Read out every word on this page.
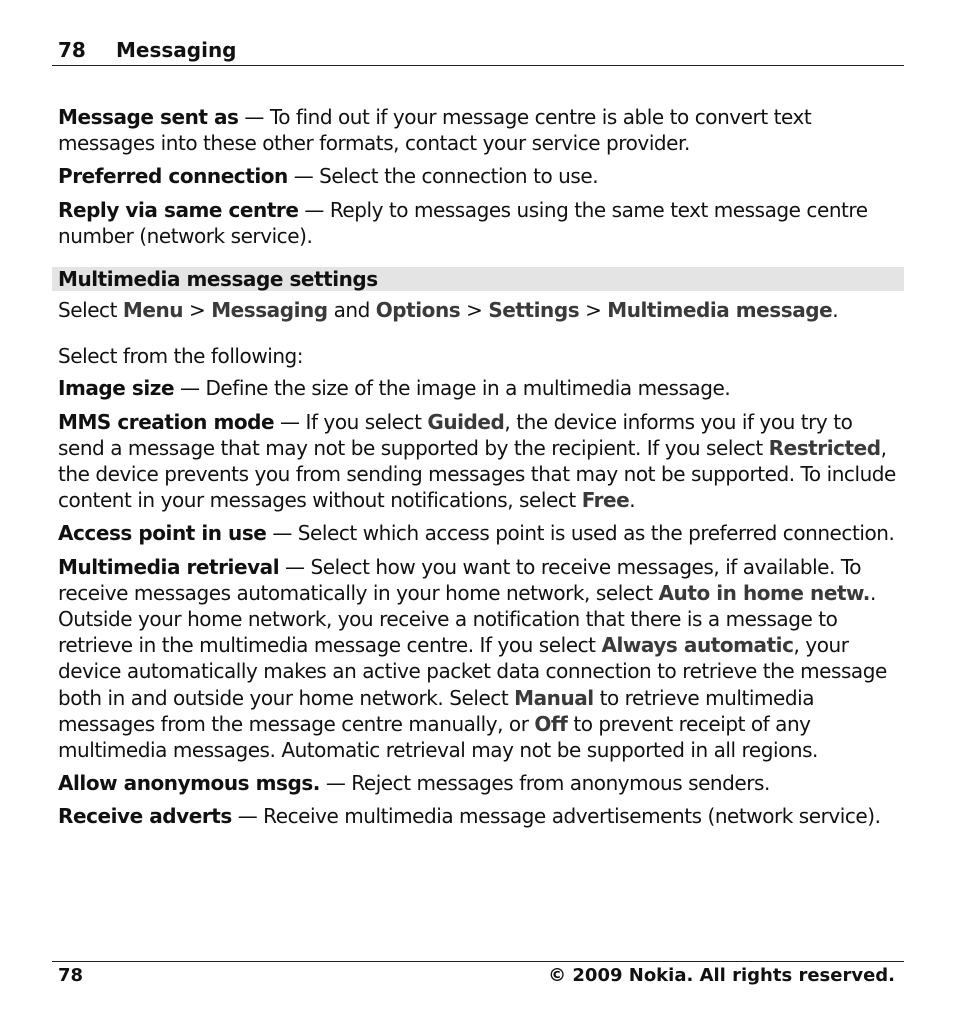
78 Messaging

Message sent as — To find out if your message centre is able to convert text messages into these other formats, contact your service provider.

Preferred connection — Select the connection to use.

Reply via same centre — Reply to messages using the same text message centre number (network service).

Multimedia message settings

Select Menu > Messaging and Options > Settings > Multimedia message.

Select from the following:

Image size — Define the size of the image in a multimedia message.

MMS creation mode — If you select Guided, the device informs you if you try to send a message that may not be supported by the recipient. If you select Restricted, the device prevents you from sending messages that may not be supported. To include content in your messages without notifications, select Free.

Access point in use — Select which access point is used as the preferred connection.

Multimedia retrieval — Select how you want to receive messages, if available. To receive messages automatically in your home network, select Auto in home netw.. Outside your home network, you receive a notification that there is a message to retrieve in the multimedia message centre. If you select Always automatic, your device automatically makes an active packet data connection to retrieve the message both in and outside your home network. Select Manual to retrieve multimedia messages from the message centre manually, or Off to prevent receipt of any multimedia messages. Automatic retrieval may not be supported in all regions.

Allow anonymous msgs. — Reject messages from anonymous senders.

Receive adverts — Receive multimedia message advertisements (network service).

78	© 2009 Nokia. All rights reserved.
